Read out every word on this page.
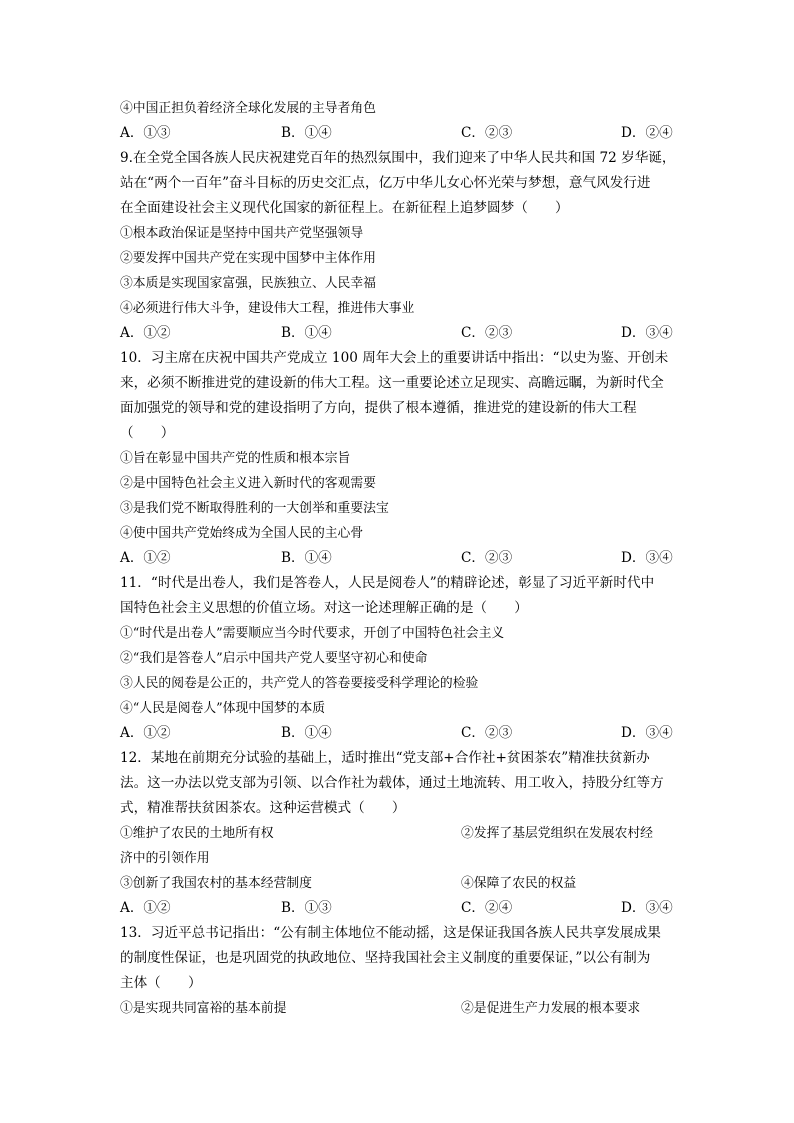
④中国正担负着经济全球化发展的主导者角色
A．①③	B．①④	C．②③	D．②④
9.在全党全国各族人民庆祝建党百年的热烈氛围中，我们迎来了中华人民共和国 72 岁华诞，
站在“两个一百年”奋斗目标的历史交汇点，亿万中华儿女心怀光荣与梦想，意气风发行进
在全面建设社会主义现代化国家的新征程上。在新征程上追梦圆梦（　　）
①根本政治保证是坚持中国共产党坚强领导
②要发挥中国共产党在实现中国梦中主体作用
③本质是实现国家富强，民族独立、人民幸福
④必须进行伟大斗争，建设伟大工程，推进伟大事业
A．①②	B．①④	C．②③	D．③④
10．习主席在庆祝中国共产党成立 100 周年大会上的重要讲话中指出：“以史为鉴、开创未
来，必须不断推进党的建设新的伟大工程。这一重要论述立足现实、高瞻远瞩，为新时代全
面加强党的领导和党的建设指明了方向，提供了根本遵循，推进党的建设新的伟大工程
（　　）
①旨在彰显中国共产党的性质和根本宗旨
②是中国特色社会主义进入新时代的客观需要
③是我们党不断取得胜利的一大创举和重要法宝
④使中国共产党始终成为全国人民的主心骨
A．①②	B．①④	C．②③	D．③④
11．“时代是出卷人，我们是答卷人，人民是阅卷人”的精辟论述，彰显了习近平新时代中
国特色社会主义思想的价值立场。对这一论述理解正确的是（　　）
①“时代是出卷人”需要顺应当今时代要求，开创了中国特色社会主义
②“我们是答卷人”启示中国共产党人要坚守初心和使命
③人民的阅卷是公正的，共产党人的答卷要接受科学理论的检验
④“人民是阅卷人”体现中国梦的本质
A．①②	B．①④	C．②③	D．③④
12．某地在前期充分试验的基础上，适时推出“党支部+合作社+贫困茶农”精准扶贫新办
法。这一办法以党支部为引领、以合作社为载体，通过土地流转、用工收入，持股分红等方
式，精准帮扶贫困茶农。这种运营模式（　　）
①维护了农民的土地所有权	②发挥了基层党组织在发展农村经
济中的引领作用
③创新了我国农村的基本经营制度	④保障了农民的权益
A．①②	B．①③	C．②④	D．③④
13．习近平总书记指出：“公有制主体地位不能动摇，这是保证我国各族人民共享发展成果
的制度性保证，也是巩固党的执政地位、坚持我国社会主义制度的重要保证，”以公有制为
主体（　　）
①是实现共同富裕的基本前提	②是促进生产力发展的根本要求
